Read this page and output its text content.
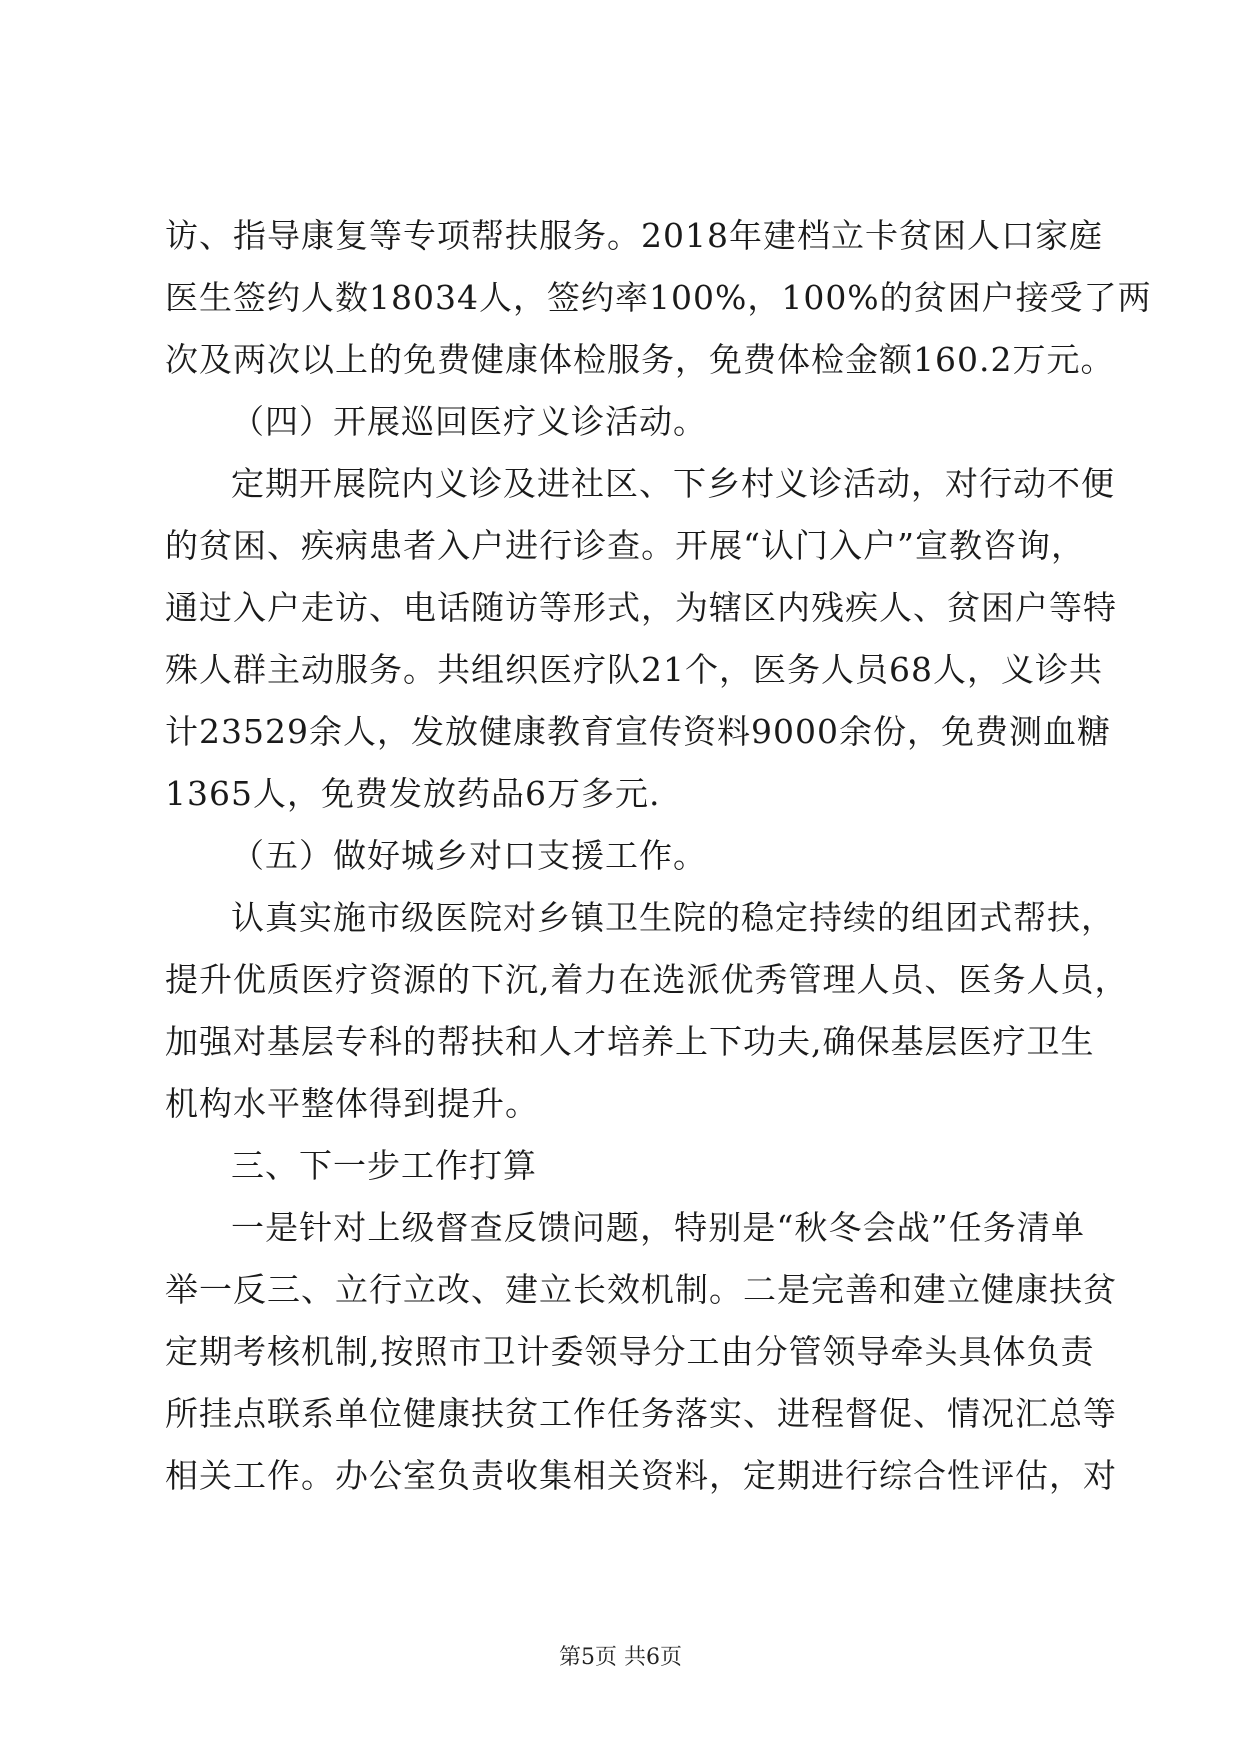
访、指导康复等专项帮扶服务。2018年建档立卡贫困人口家庭
医生签约人数18034人，签约率100%，100%的贫困户接受了两
次及两次以上的免费健康体检服务，免费体检金额160.2万元。
（四）开展巡回医疗义诊活动。
定期开展院内义诊及进社区、下乡村义诊活动，对行动不便
的贫困、疾病患者入户进行诊查。开展“认门入户”宣教咨询，
通过入户走访、电话随访等形式，为辖区内残疾人、贫困户等特
殊人群主动服务。共组织医疗队21个，医务人员68人，义诊共
计23529余人，发放健康教育宣传资料9000余份，免费测血糖
1365人，免费发放药品6万多元.
（五）做好城乡对口支援工作。
认真实施市级医院对乡镇卫生院的稳定持续的组团式帮扶，
提升优质医疗资源的下沉,着力在选派优秀管理人员、医务人员，
加强对基层专科的帮扶和人才培养上下功夫,确保基层医疗卫生
机构水平整体得到提升。
三、下一步工作打算
一是针对上级督查反馈问题，特别是“秋冬会战”任务清单
举一反三、立行立改、建立长效机制。二是完善和建立健康扶贫
定期考核机制,按照市卫计委领导分工由分管领导牵头具体负责
所挂点联系单位健康扶贫工作任务落实、进程督促、情况汇总等
相关工作。办公室负责收集相关资料，定期进行综合性评估，对
第5页 共6页
